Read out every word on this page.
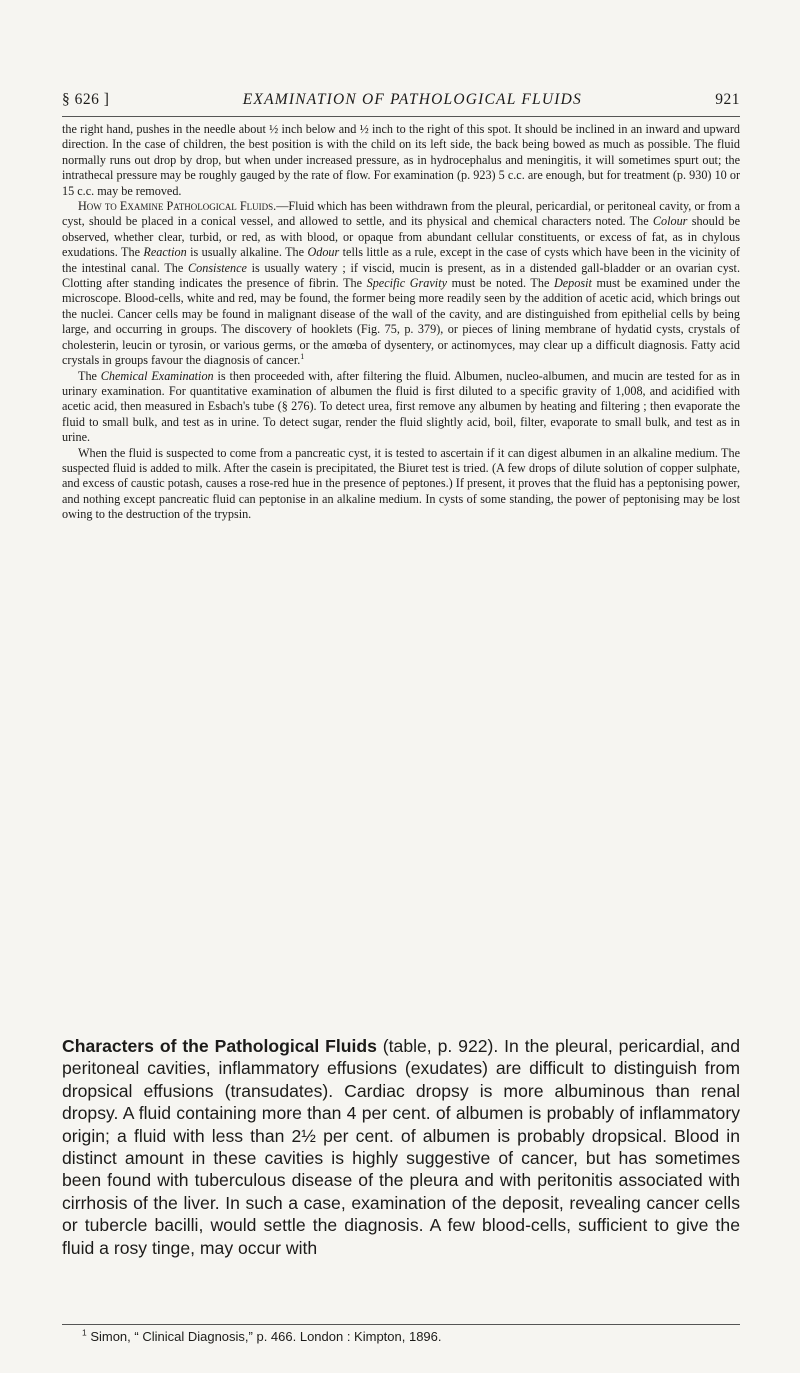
§ 626 ]	EXAMINATION OF PATHOLOGICAL FLUIDS	921

the right hand, pushes in the needle about ½ inch below and ½ inch to the right of this spot. It should be inclined in an inward and upward direction. In the case of children, the best position is with the child on its left side, the back being bowed as much as possible. The fluid normally runs out drop by drop, but when under increased pressure, as in hydrocephalus and meningitis, it will sometimes spurt out; the intrathecal pressure may be roughly gauged by the rate of flow. For examination (p. 923) 5 c.c. are enough, but for treatment (p. 930) 10 or 15 c.c. may be removed.

How to Examine Pathological Fluids.—Fluid which has been withdrawn from the pleural, pericardial, or peritoneal cavity, or from a cyst, should be placed in a conical vessel, and allowed to settle, and its physical and chemical characters noted. The Colour should be observed, whether clear, turbid, or red, as with blood, or opaque from abundant cellular constituents, or excess of fat, as in chylous exudations. The Reaction is usually alkaline. The Odour tells little as a rule, except in the case of cysts which have been in the vicinity of the intestinal canal. The Consistence is usually watery ; if viscid, mucin is present, as in a distended gall-bladder or an ovarian cyst. Clotting after standing indicates the presence of fibrin. The Specific Gravity must be noted. The Deposit must be examined under the microscope. Blood-cells, white and red, may be found, the former being more readily seen by the addition of acetic acid, which brings out the nuclei. Cancer cells may be found in malignant disease of the wall of the cavity, and are distinguished from epithelial cells by being large, and occurring in groups. The discovery of hooklets (Fig. 75, p. 379), or pieces of lining membrane of hydatid cysts, crystals of cholesterin, leucin or tyrosin, or various germs, or the amœba of dysentery, or actinomyces, may clear up a difficult diagnosis. Fatty acid crystals in groups favour the diagnosis of cancer.$^1$

The Chemical Examination is then proceeded with, after filtering the fluid. Albumen, nucleo-albumen, and mucin are tested for as in urinary examination. For quantitative examination of albumen the fluid is first diluted to a specific gravity of 1,008, and acidified with acetic acid, then measured in Esbach's tube (§ 276). To detect urea, first remove any albumen by heating and filtering ; then evaporate the fluid to small bulk, and test as in urine. To detect sugar, render the fluid slightly acid, boil, filter, evaporate to small bulk, and test as in urine.

When the fluid is suspected to come from a pancreatic cyst, it is tested to ascertain if it can digest albumen in an alkaline medium. The suspected fluid is added to milk. After the casein is precipitated, the Biuret test is tried. (A few drops of dilute solution of copper sulphate, and excess of caustic potash, causes a rose-red hue in the presence of peptones.) If present, it proves that the fluid has a peptonising power, and nothing except pancreatic fluid can peptonise in an alkaline medium. In cysts of some standing, the power of peptonising may be lost owing to the destruction of the trypsin.

Characters of the Pathological Fluids (table, p. 922). In the pleural, pericardial, and peritoneal cavities, inflammatory effusions (exudates) are difficult to distinguish from dropsical effusions (transudates). Cardiac dropsy is more albuminous than renal dropsy. A fluid containing more than 4 per cent. of albumen is probably of inflammatory origin; a fluid with less than 2½ per cent. of albumen is probably dropsical. Blood in distinct amount in these cavities is highly suggestive of cancer, but has sometimes been found with tuberculous disease of the pleura and with peritonitis associated with cirrhosis of the liver. In such a case, examination of the deposit, revealing cancer cells or tubercle bacilli, would settle the diagnosis. A few blood-cells, sufficient to give the fluid a rosy tinge, may occur with

$^1$ Simon, “ Clinical Diagnosis,” p. 466. London : Kimpton, 1896.
